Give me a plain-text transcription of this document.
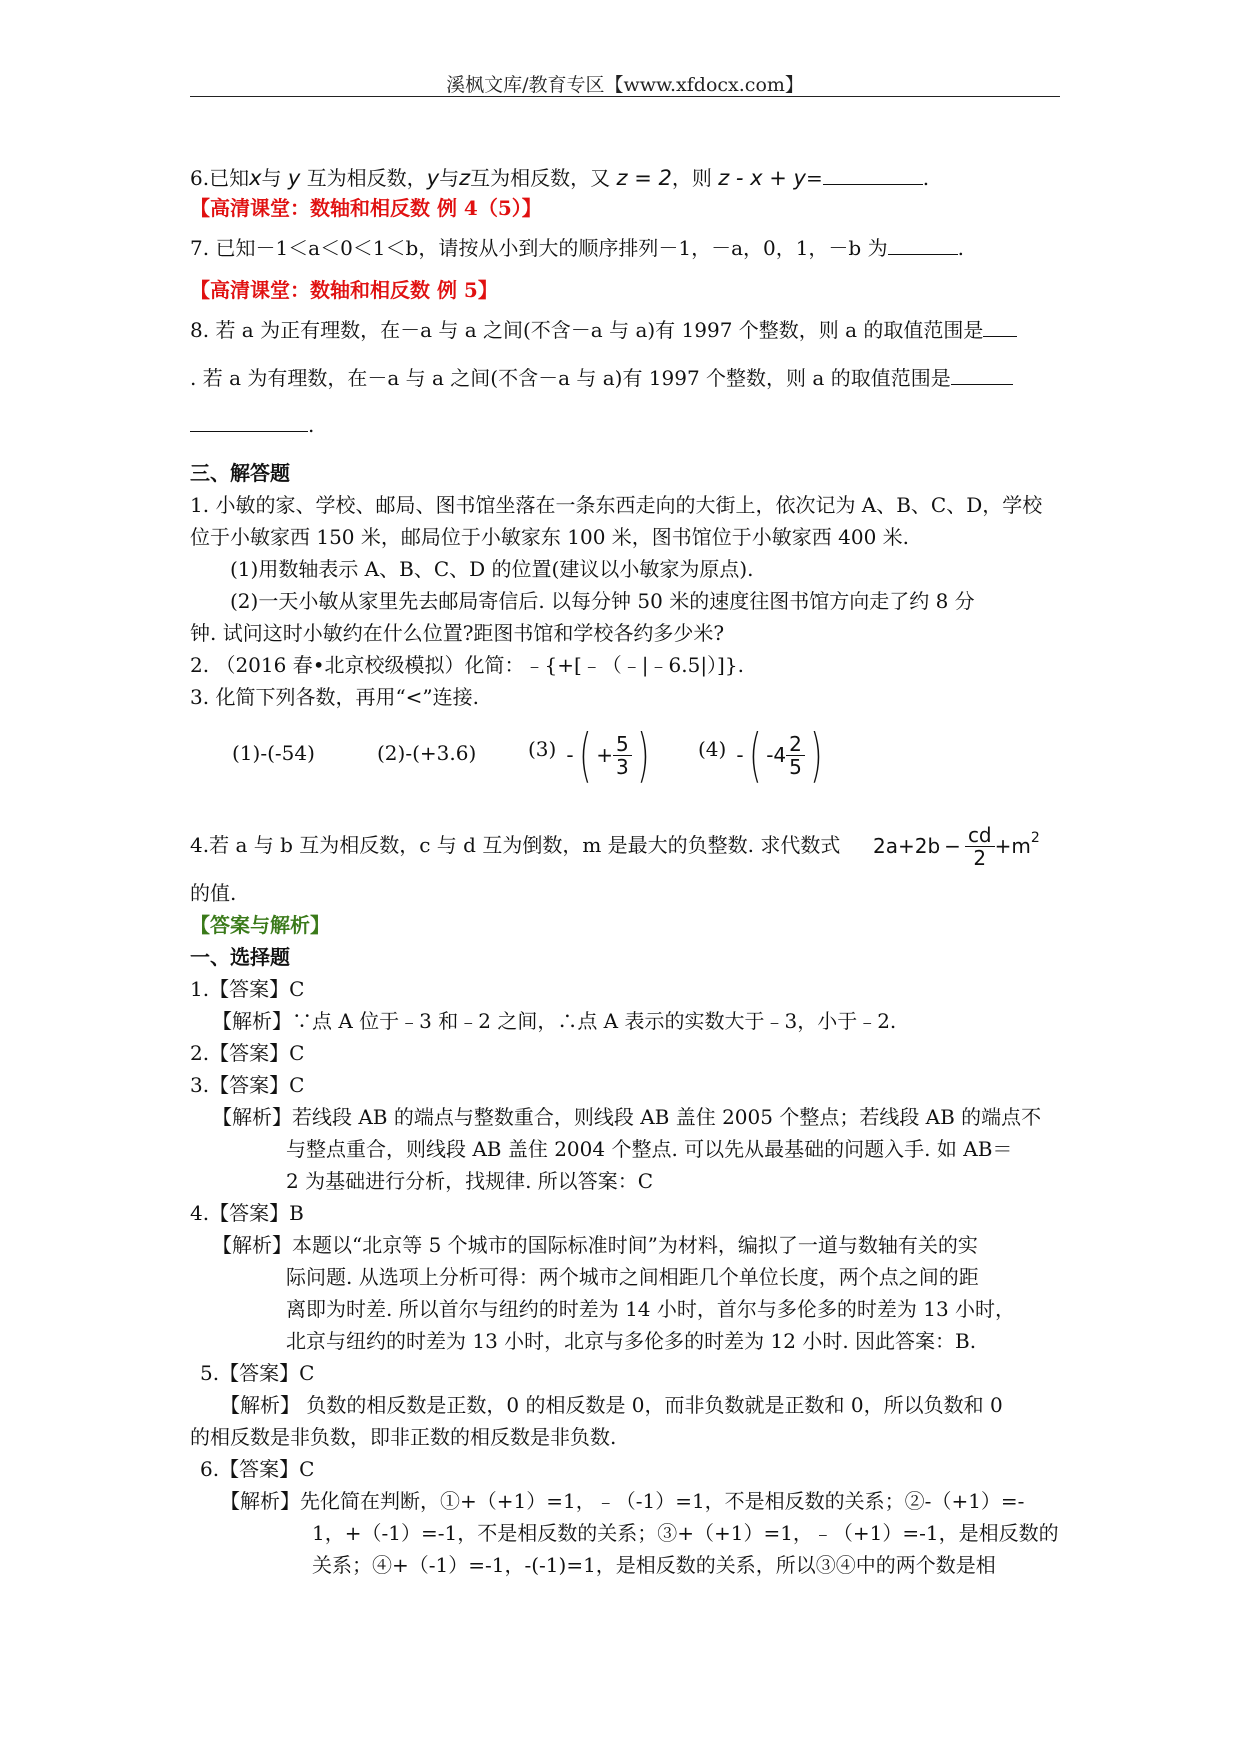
溪枫文库/教育专区【www.xfdocx.com】
6.已知x与 y 互为相反数，y与z互为相反数，又 z = 2，则 z - x + y=	.
【高清课堂：数轴和相反数 例 4（5）】
7. 已知－1＜a＜0＜1＜b，请按从小到大的顺序排列－1，－a，0，1，－b 为	.
【高清课堂：数轴和相反数 例 5】
8. 若 a 为正有理数，在－a 与 a 之间(不含－a 与 a)有 1997 个整数，则 a 的取值范围是
. 若 a 为有理数，在－a 与 a 之间(不含－a 与 a)有 1997 个整数，则 a 的取值范围是
.
三、解答题
1. 小敏的家、学校、邮局、图书馆坐落在一条东西走向的大街上，依次记为 A、B、C、D，学校
位于小敏家西 150 米，邮局位于小敏家东 100 米，图书馆位于小敏家西 400 米.
(1)用数轴表示 A、B、C、D 的位置(建议以小敏家为原点).
(2)一天小敏从家里先去邮局寄信后. 以每分钟 50 米的速度往图书馆方向走了约 8 分
钟. 试问这时小敏约在什么位置?距图书馆和学校各约多少米?
2. （2016 春•北京校级模拟）化简：﹣{+[﹣（﹣|﹣6.5|）]}.
3. 化简下列各数，再用“<”连接.
(1)-(-54)	(2)-(+3.6)	(3) - ( + $\frac{5}{3}$ ) (4) - ( $-4 \frac{2}{5}$ )
4.若 a 与 b 互为相反数，c 与 d 互为倒数，m 是最大的负整数. 求代数式 $2a+2b - \frac{cd}{2} +m^2$
的值.
【答案与解析】
一、选择题
1.【答案】C
【解析】∵点 A 位于﹣3 和﹣2 之间，∴点 A 表示的实数大于﹣3，小于﹣2.
2.【答案】C
3.【答案】C
【解析】若线段 AB 的端点与整数重合，则线段 AB 盖住 2005 个整点；若线段 AB 的端点不
与整点重合，则线段 AB 盖住 2004 个整点. 可以先从最基础的问题入手. 如 AB＝
2 为基础进行分析，找规律. 所以答案：C
4.【答案】B
【解析】本题以“北京等 5 个城市的国际标准时间”为材料，编拟了一道与数轴有关的实
际问题. 从选项上分析可得：两个城市之间相距几个单位长度，两个点之间的距
离即为时差. 所以首尔与纽约的时差为 14 小时，首尔与多伦多的时差为 13 小时，
北京与纽约的时差为 13 小时，北京与多伦多的时差为 12 小时. 因此答案：B.
5.【答案】C
【解析】 负数的相反数是正数，0 的相反数是 0，而非负数就是正数和 0，所以负数和 0
的相反数是非负数，即非正数的相反数是非负数.
6.【答案】C
【解析】先化简在判断，①+（+1）=1，﹣（-1）=1，不是相反数的关系；②-（+1）=-
1，+（-1）=-1，不是相反数的关系；③+（+1）=1，﹣（+1）=-1，是相反数的
关系；④+（-1）=-1，-(-1)=1，是相反数的关系，所以③④中的两个数是相
